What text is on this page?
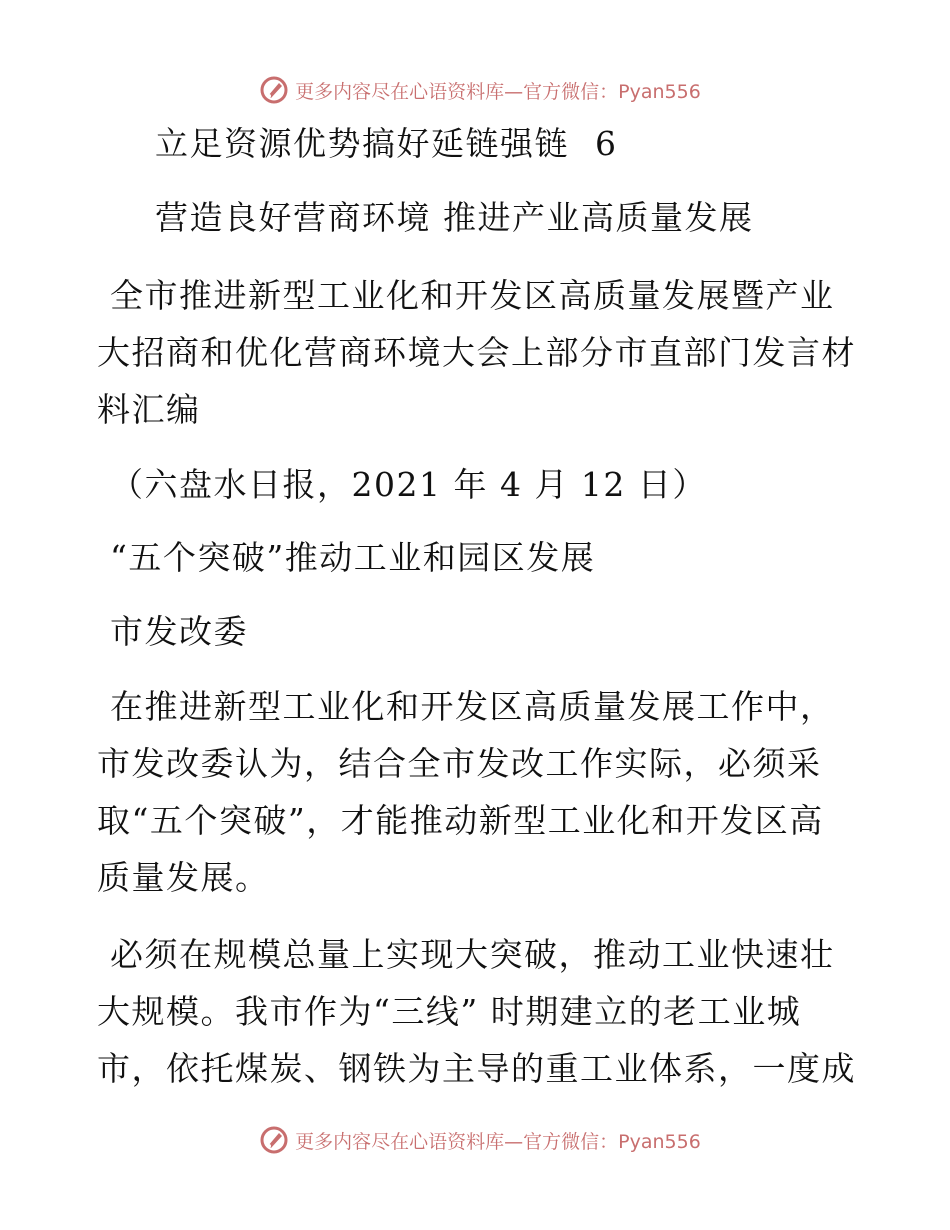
更多内容尽在心语资料库—官方微信：Pyan556
立足资源优势搞好延链强链 6
营造良好营商环境 推进产业高质量发展
全市推进新型工业化和开发区高质量发展暨产业
大招商和优化营商环境大会上部分市直部门发言材
料汇编
（六盘水日报，2021 年 4 月 12 日）
“五个突破”推动工业和园区发展
市发改委
在推进新型工业化和开发区高质量发展工作中，
市发改委认为，结合全市发改工作实际，必须采
取“五个突破”，才能推动新型工业化和开发区高
质量发展。
必须在规模总量上实现大突破，推动工业快速壮
大规模。我市作为“三线” 时期建立的老工业城
市，依托煤炭、钢铁为主导的重工业体系，一度成
更多内容尽在心语资料库—官方微信：Pyan556
